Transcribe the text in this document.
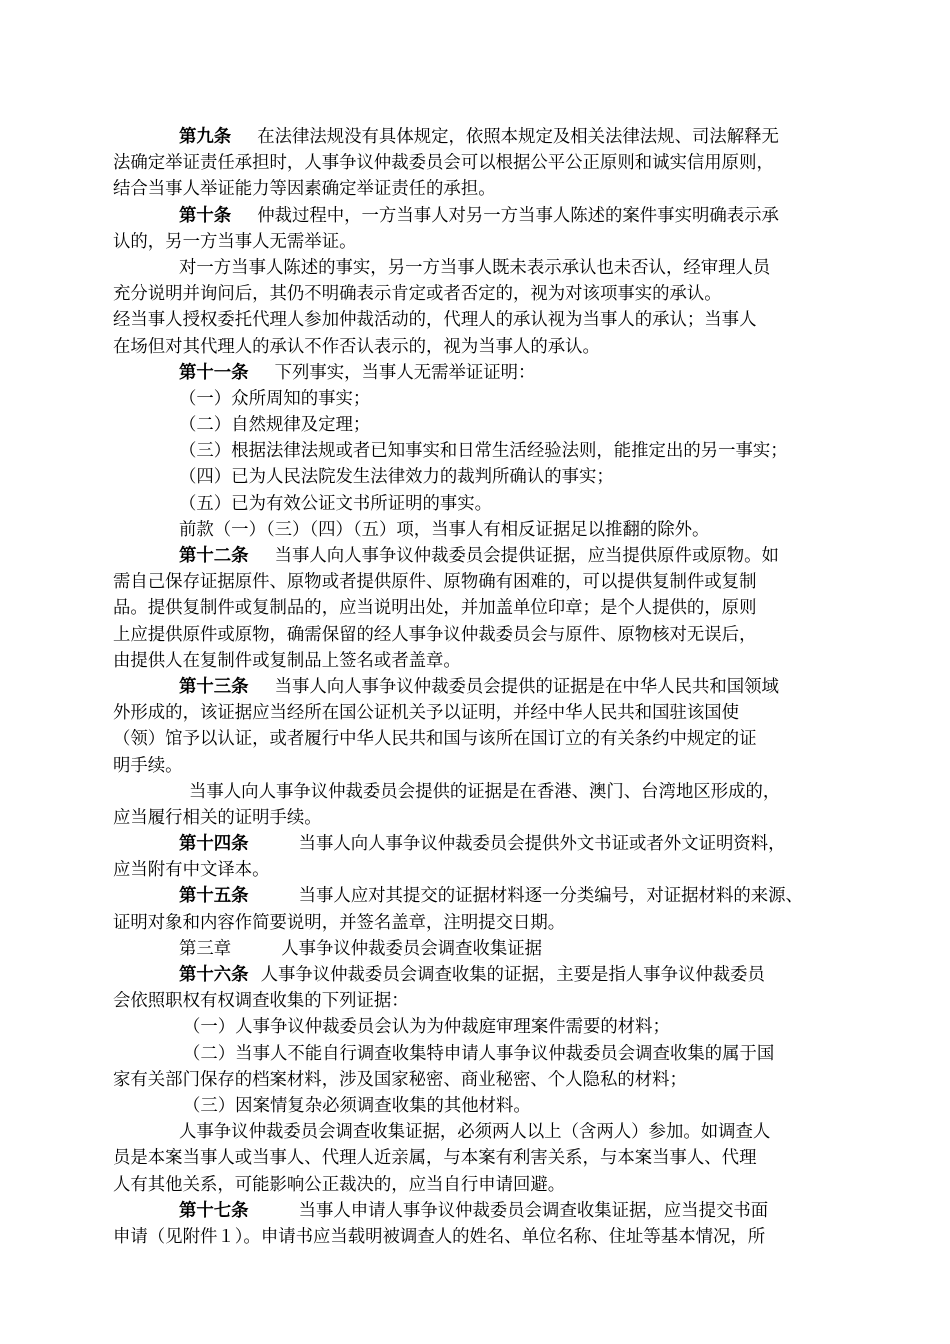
第九条 在法律法规没有具体规定，依照本规定及相关法律法规、司法解释无
法确定举证责任承担时，人事争议仲裁委员会可以根据公平公正原则和诚实信用原则，
结合当事人举证能力等因素确定举证责任的承担。
第十条 仲裁过程中，一方当事人对另一方当事人陈述的案件事实明确表示承
认的，另一方当事人无需举证。
对一方当事人陈述的事实，另一方当事人既未表示承认也未否认，经审理人员
充分说明并询问后，其仍不明确表示肯定或者否定的，视为对该项事实的承认。
经当事人授权委托代理人参加仲裁活动的，代理人的承认视为当事人的承认；当事人
在场但对其代理人的承认不作否认表示的，视为当事人的承认。
第十一条 下列事实，当事人无需举证证明：
（一）众所周知的事实；
（二）自然规律及定理；
（三）根据法律法规或者已知事实和日常生活经验法则，能推定出的另一事实；
（四）已为人民法院发生法律效力的裁判所确认的事实；
（五）已为有效公证文书所证明的事实。
前款（一）（三）（四）（五）项，当事人有相反证据足以推翻的除外。
第十二条 当事人向人事争议仲裁委员会提供证据，应当提供原件或原物。如
需自己保存证据原件、原物或者提供原件、原物确有困难的，可以提供复制件或复制
品。提供复制件或复制品的，应当说明出处，并加盖单位印章；是个人提供的，原则
上应提供原件或原物，确需保留的经人事争议仲裁委员会与原件、原物核对无误后，
由提供人在复制件或复制品上签名或者盖章。
第十三条 当事人向人事争议仲裁委员会提供的证据是在中华人民共和国领域
外形成的，该证据应当经所在国公证机关予以证明，并经中华人民共和国驻该国使
（领）馆予以认证，或者履行中华人民共和国与该所在国订立的有关条约中规定的证
明手续。
当事人向人事争议仲裁委员会提供的证据是在香港、澳门、台湾地区形成的，
应当履行相关的证明手续。
第十四条	当事人向人事争议仲裁委员会提供外文书证或者外文证明资料，
应当附有中文译本。
第十五条	当事人应对其提交的证据材料逐一分类编号，对证据材料的来源、
证明对象和内容作简要说明，并签名盖章，注明提交日期。
第三章	人事争议仲裁委员会调查收集证据
第十六条 人事争议仲裁委员会调查收集的证据，主要是指人事争议仲裁委员
会依照职权有权调查收集的下列证据：
（一）人事争议仲裁委员会认为为仲裁庭审理案件需要的材料；
（二）当事人不能自行调查收集特申请人事争议仲裁委员会调查收集的属于国
家有关部门保存的档案材料，涉及国家秘密、商业秘密、个人隐私的材料；
（三）因案情复杂必须调查收集的其他材料。
人事争议仲裁委员会调查收集证据，必须两人以上（含两人）参加。如调查人
员是本案当事人或当事人、代理人近亲属，与本案有利害关系，与本案当事人、代理
人有其他关系，可能影响公正裁决的，应当自行申请回避。
第十七条	当事人申请人事争议仲裁委员会调查收集证据，应当提交书面
申请（见附件１）。申请书应当载明被调查人的姓名、单位名称、住址等基本情况，所
